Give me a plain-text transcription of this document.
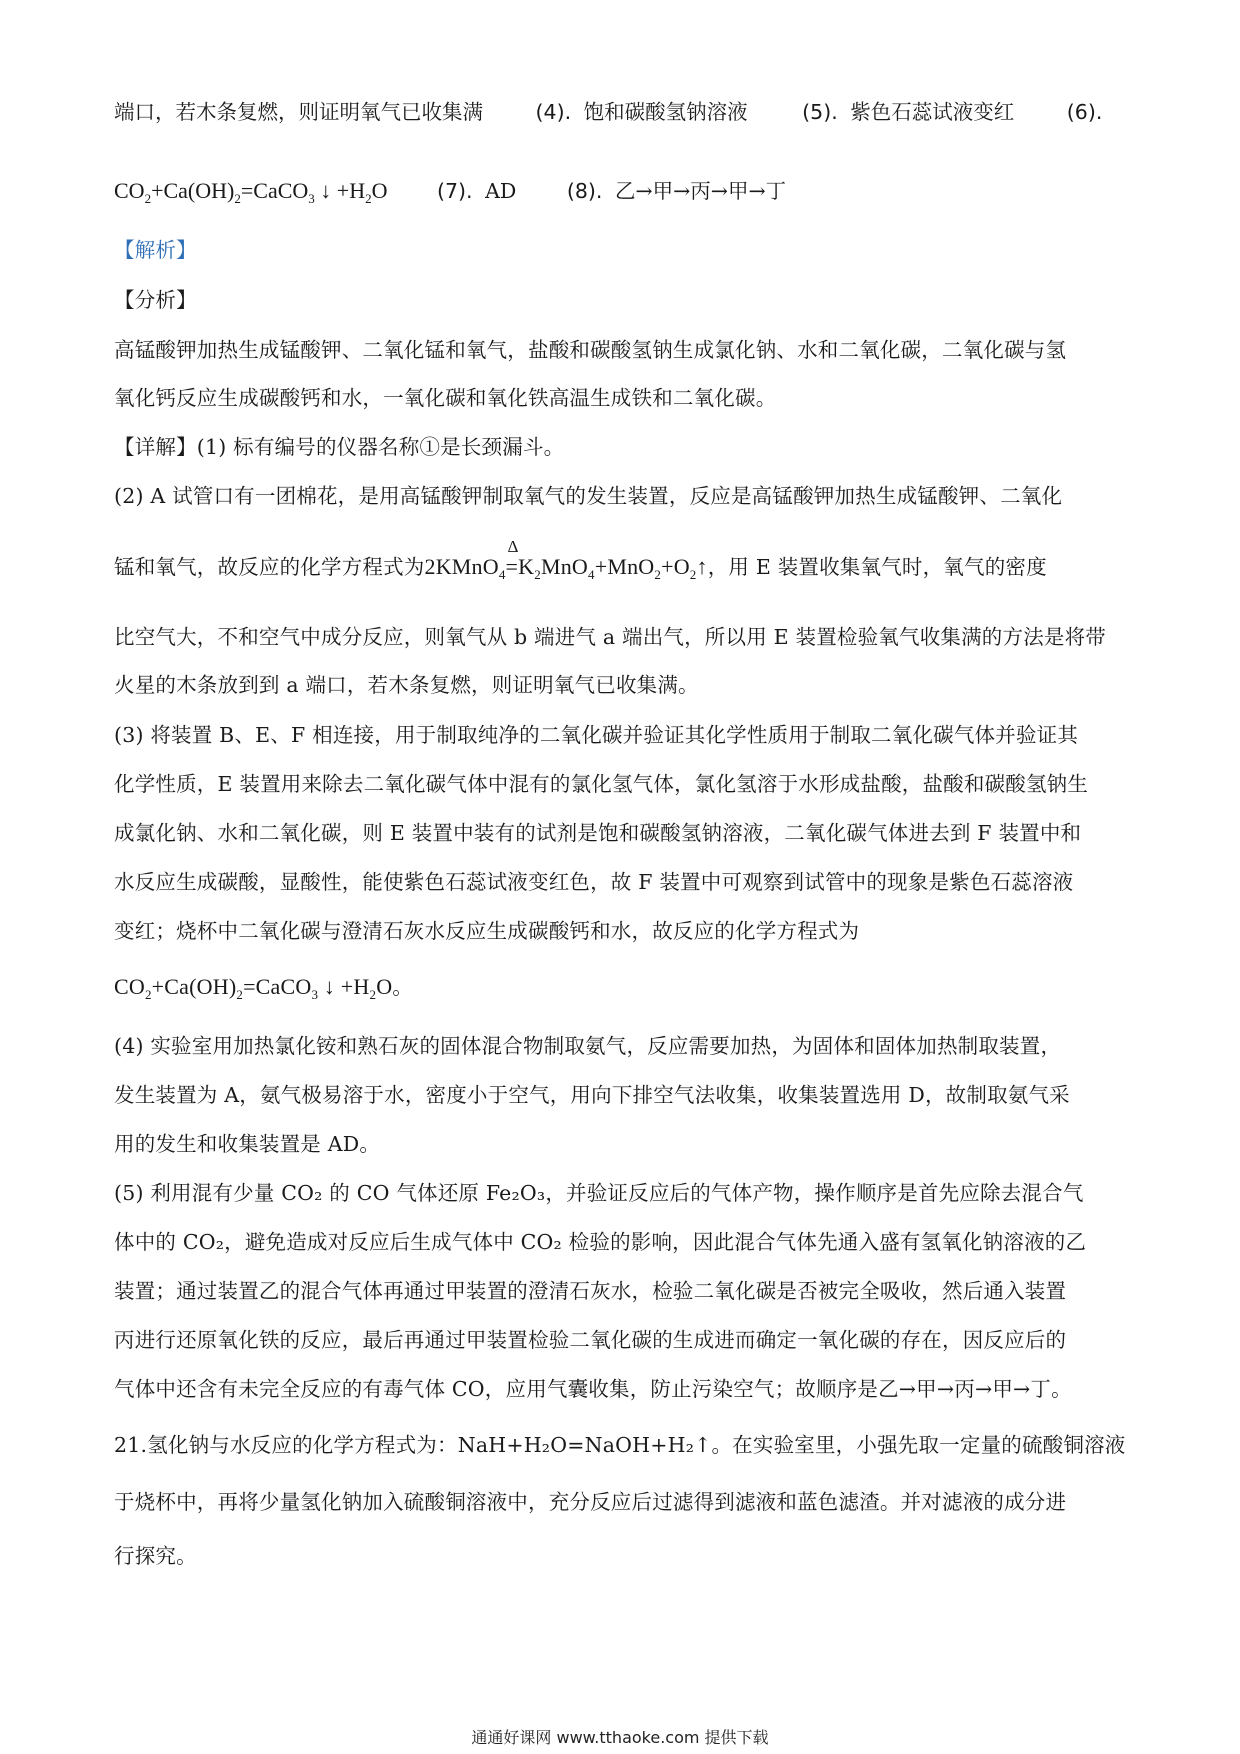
端口，若木条复燃，则证明氧气已收集满	(4). 饱和碳酸氢钠溶液	(5). 紫色石蕊试液变红	(6).
$CO_2+Ca(OH)_2=CaCO_3$ ↓ $+H_2O$ (7). AD (8). 乙→甲→丙→甲→丁
【解析】
【分析】
高锰酸钾加热生成锰酸钾、二氧化锰和氧气，盐酸和碳酸氢钠生成氯化钠、水和二氧化碳，二氧化碳与氢
氧化钙反应生成碳酸钙和水，一氧化碳和氧化铁高温生成铁和二氧化碳。
【详解】(1) 标有编号的仪器名称①是长颈漏斗。
(2) A 试管口有一团棉花，是用高锰酸钾制取氧气的发生装置，反应是高锰酸钾加热生成锰酸钾、二氧化
锰和氧气，故反应的化学方程式为2KMnO$_4$
Δ
$=K_2MnO_4+MnO_2+O_2↑$，用 E 装置收集氧气时，氧气的密度
比空气大，不和空气中成分反应，则氧气从 b 端进气 a 端出气，所以用 E 装置检验氧气收集满的方法是将带
火星的木条放到到 a 端口，若木条复燃，则证明氧气已收集满。
(3) 将装置 B、E、F 相连接，用于制取纯净的二氧化碳并验证其化学性质用于制取二氧化碳气体并验证其
化学性质，E 装置用来除去二氧化碳气体中混有的氯化氢气体，氯化氢溶于水形成盐酸，盐酸和碳酸氢钠生
成氯化钠、水和二氧化碳，则 E 装置中装有的试剂是饱和碳酸氢钠溶液，二氧化碳气体进去到 F 装置中和
水反应生成碳酸，显酸性，能使紫色石蕊试液变红色，故 F 装置中可观察到试管中的现象是紫色石蕊溶液
变红；烧杯中二氧化碳与澄清石灰水反应生成碳酸钙和水，故反应的化学方程式为
$CO_2+Ca(OH)_2=CaCO_3$ ↓ $+H_2O$。
(4) 实验室用加热氯化铵和熟石灰的固体混合物制取氨气，反应需要加热，为固体和固体加热制取装置，
发生装置为 A，氨气极易溶于水，密度小于空气，用向下排空气法收集，收集装置选用 D，故制取氨气采
用的发生和收集装置是 AD。
(5) 利用混有少量 CO₂ 的 CO 气体还原 Fe₂O₃，并验证反应后的气体产物，操作顺序是首先应除去混合气
体中的 CO₂，避免造成对反应后生成气体中 CO₂ 检验的影响，因此混合气体先通入盛有氢氧化钠溶液的乙
装置；通过装置乙的混合气体再通过甲装置的澄清石灰水，检验二氧化碳是否被完全吸收，然后通入装置
丙进行还原氧化铁的反应，最后再通过甲装置检验二氧化碳的生成进而确定一氧化碳的存在，因反应后的
气体中还含有未完全反应的有毒气体 CO，应用气囊收集，防止污染空气；故顺序是乙→甲→丙→甲→丁。
21.氢化钠与水反应的化学方程式为：NaH+H₂O=NaOH+H₂↑。在实验室里，小强先取一定量的硫酸铜溶液
于烧杯中，再将少量氢化钠加入硫酸铜溶液中，充分反应后过滤得到滤液和蓝色滤渣。并对滤液的成分进
行探究。
通通好课网 www.tthaoke.com 提供下载
